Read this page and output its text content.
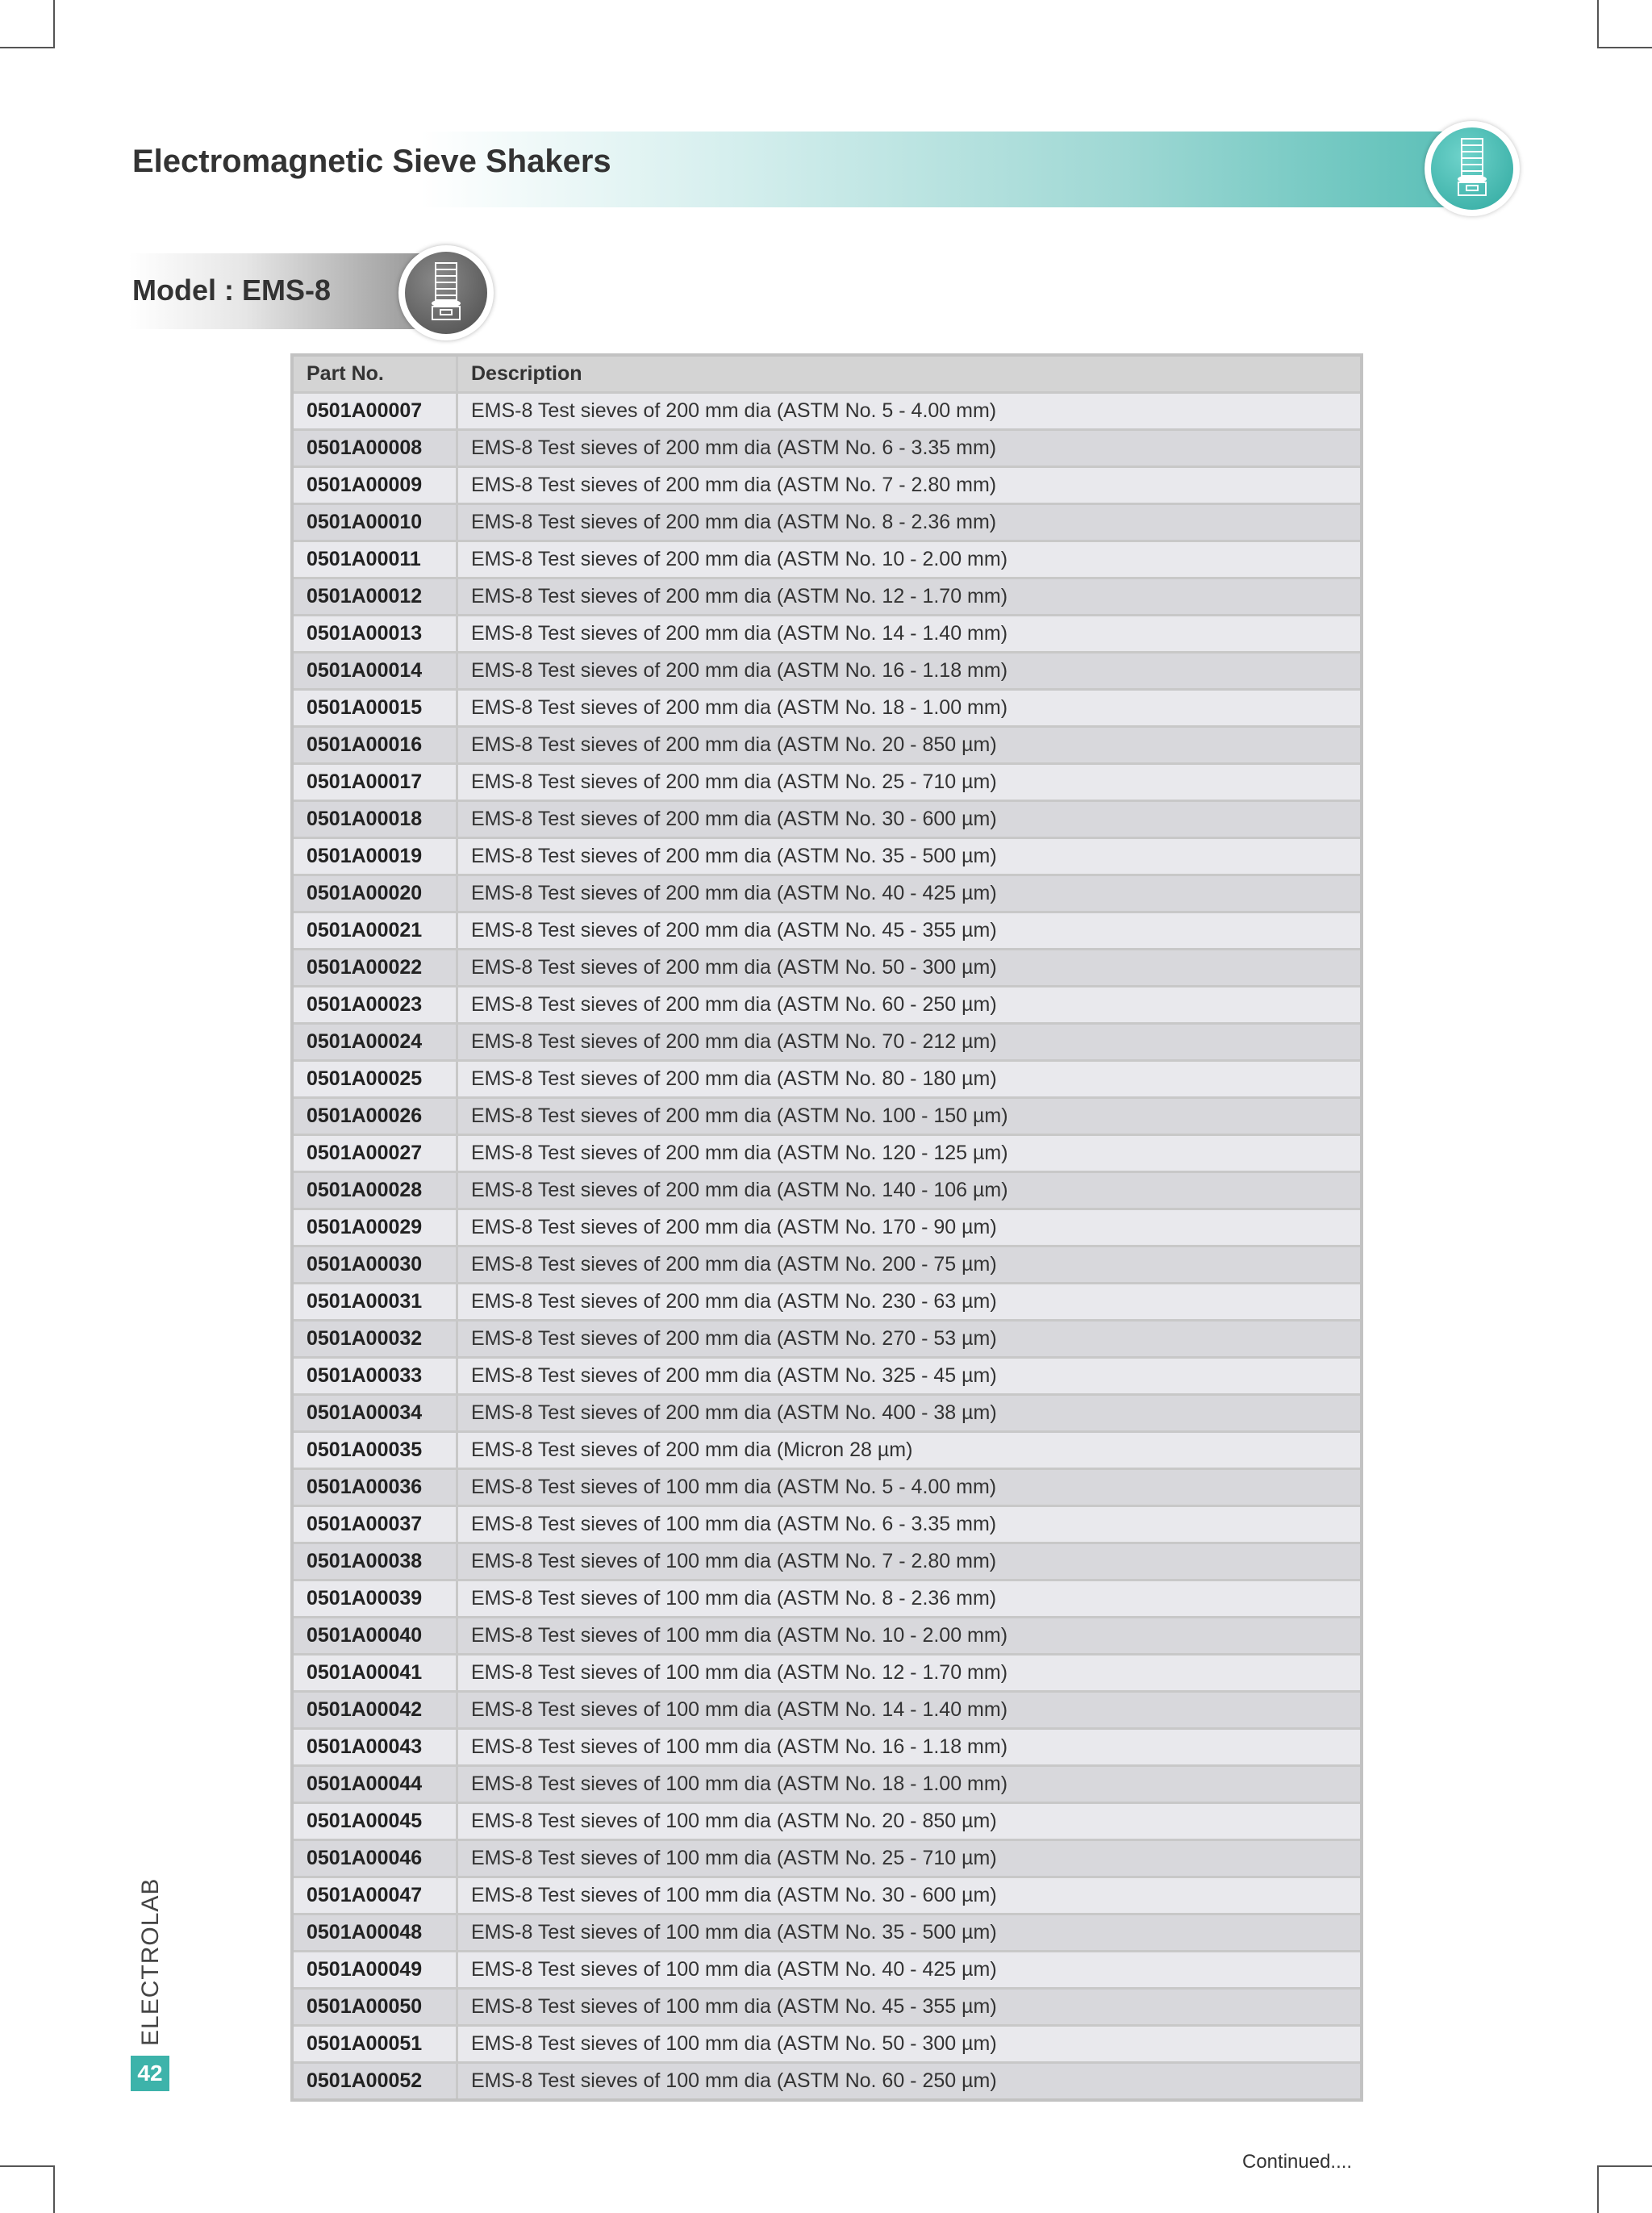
Electromagnetic Sieve Shakers
Model : EMS-8
Part No.	Description
0501A00007	EMS-8 Test sieves of 200 mm dia (ASTM No. 5 - 4.00 mm)
0501A00008	EMS-8 Test sieves of 200 mm dia (ASTM No. 6 - 3.35 mm)
0501A00009	EMS-8 Test sieves of 200 mm dia (ASTM No. 7 - 2.80 mm)
0501A00010	EMS-8 Test sieves of 200 mm dia (ASTM No. 8 - 2.36 mm)
0501A00011	EMS-8 Test sieves of 200 mm dia (ASTM No. 10 - 2.00 mm)
0501A00012	EMS-8 Test sieves of 200 mm dia (ASTM No. 12 - 1.70 mm)
0501A00013	EMS-8 Test sieves of 200 mm dia (ASTM No. 14 - 1.40 mm)
0501A00014	EMS-8 Test sieves of 200 mm dia (ASTM No. 16 - 1.18 mm)
0501A00015	EMS-8 Test sieves of 200 mm dia (ASTM No. 18 - 1.00 mm)
0501A00016	EMS-8 Test sieves of 200 mm dia (ASTM No. 20 - 850 µm)
0501A00017	EMS-8 Test sieves of 200 mm dia (ASTM No. 25 - 710 µm)
0501A00018	EMS-8 Test sieves of 200 mm dia (ASTM No. 30 - 600 µm)
0501A00019	EMS-8 Test sieves of 200 mm dia (ASTM No. 35 - 500 µm)
0501A00020	EMS-8 Test sieves of 200 mm dia (ASTM No. 40 - 425 µm)
0501A00021	EMS-8 Test sieves of 200 mm dia (ASTM No. 45 - 355 µm)
0501A00022	EMS-8 Test sieves of 200 mm dia (ASTM No. 50 - 300 µm)
0501A00023	EMS-8 Test sieves of 200 mm dia (ASTM No. 60 - 250 µm)
0501A00024	EMS-8 Test sieves of 200 mm dia (ASTM No. 70 - 212 µm)
0501A00025	EMS-8 Test sieves of 200 mm dia (ASTM No. 80 - 180 µm)
0501A00026	EMS-8 Test sieves of 200 mm dia (ASTM No. 100 - 150 µm)
0501A00027	EMS-8 Test sieves of 200 mm dia (ASTM No. 120 - 125 µm)
0501A00028	EMS-8 Test sieves of 200 mm dia (ASTM No. 140 - 106 µm)
0501A00029	EMS-8 Test sieves of 200 mm dia (ASTM No. 170 - 90 µm)
0501A00030	EMS-8 Test sieves of 200 mm dia (ASTM No. 200 - 75 µm)
0501A00031	EMS-8 Test sieves of 200 mm dia (ASTM No. 230 - 63 µm)
0501A00032	EMS-8 Test sieves of 200 mm dia (ASTM No. 270 - 53 µm)
0501A00033	EMS-8 Test sieves of 200 mm dia (ASTM No. 325 - 45 µm)
0501A00034	EMS-8 Test sieves of 200 mm dia (ASTM No. 400 - 38 µm)
0501A00035	EMS-8 Test sieves of 200 mm dia (Micron 28 µm)
0501A00036	EMS-8 Test sieves of 100 mm dia (ASTM No. 5 - 4.00 mm)
0501A00037	EMS-8 Test sieves of 100 mm dia (ASTM No. 6 - 3.35 mm)
0501A00038	EMS-8 Test sieves of 100 mm dia (ASTM No. 7 - 2.80 mm)
0501A00039	EMS-8 Test sieves of 100 mm dia (ASTM No. 8 - 2.36 mm)
0501A00040	EMS-8 Test sieves of 100 mm dia (ASTM No. 10 - 2.00 mm)
0501A00041	EMS-8 Test sieves of 100 mm dia (ASTM No. 12 - 1.70 mm)
0501A00042	EMS-8 Test sieves of 100 mm dia (ASTM No. 14 - 1.40 mm)
0501A00043	EMS-8 Test sieves of 100 mm dia (ASTM No. 16 - 1.18 mm)
0501A00044	EMS-8 Test sieves of 100 mm dia (ASTM No. 18 - 1.00 mm)
0501A00045	EMS-8 Test sieves of 100 mm dia (ASTM No. 20 - 850 µm)
0501A00046	EMS-8 Test sieves of 100 mm dia (ASTM No. 25 - 710 µm)
0501A00047	EMS-8 Test sieves of 100 mm dia (ASTM No. 30 - 600 µm)
0501A00048	EMS-8 Test sieves of 100 mm dia (ASTM No. 35 - 500 µm)
0501A00049	EMS-8 Test sieves of 100 mm dia (ASTM No. 40 - 425 µm)
0501A00050	EMS-8 Test sieves of 100 mm dia (ASTM No. 45 - 355 µm)
0501A00051	EMS-8 Test sieves of 100 mm dia (ASTM No. 50 - 300 µm)
0501A00052	EMS-8 Test sieves of 100 mm dia (ASTM No. 60 - 250 µm)
ELECTROLAB
42
Continued....
